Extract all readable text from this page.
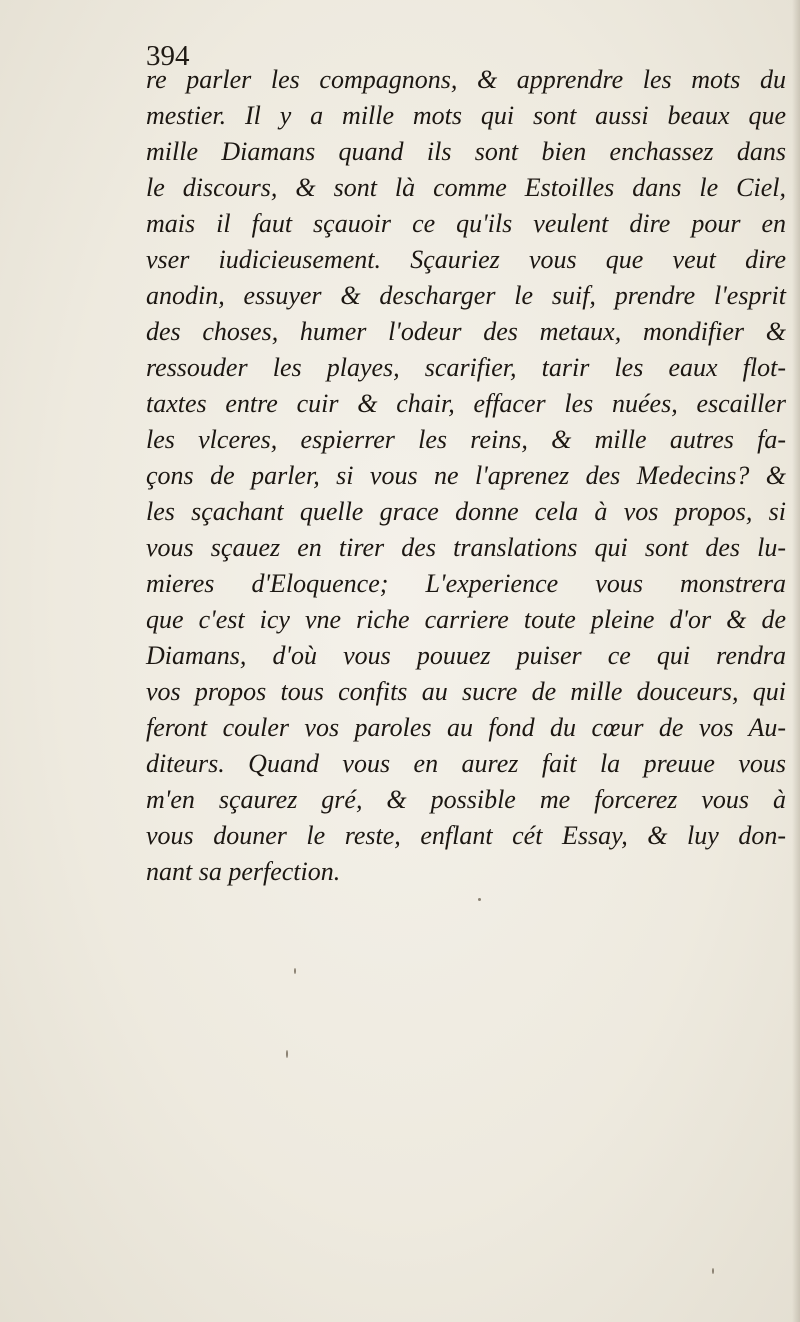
394
re parler les compagnons, & apprendre les mots du
mestier. Il y a mille mots qui sont aussi beaux que
mille Diamans quand ils sont bien enchassez dans
le discours, & sont là comme Estoilles dans le Ciel,
mais il faut sçauoir ce qu'ils veulent dire pour en
vser iudicieusement. Sçauriez vous que veut dire
anodin, essuyer & descharger le suif, prendre l'esprit
des choses, humer l'odeur des metaux, mondifier &
ressouder les playes, scarifier, tarir les eaux flot-
taxtes entre cuir & chair, effacer les nuées, escailler
les vlceres, espierrer les reins, & mille autres fa-
çons de parler, si vous ne l'aprenez des Medecins? &
les sçachant quelle grace donne cela à vos propos, si
vous sçauez en tirer des translations qui sont des lu-
mieres d'Eloquence; L'experience vous monstrera
que c'est icy vne riche carriere toute pleine d'or & de
Diamans, d'où vous pouuez puiser ce qui rendra
vos propos tous confits au sucre de mille douceurs, qui
feront couler vos paroles au fond du cœur de vos Au-
diteurs. Quand vous en aurez fait la preuue vous
m'en sçaurez gré, & possible me forcerez vous à
vous douner le reste, enflant cét Essay, & luy don-
nant sa perfection.
